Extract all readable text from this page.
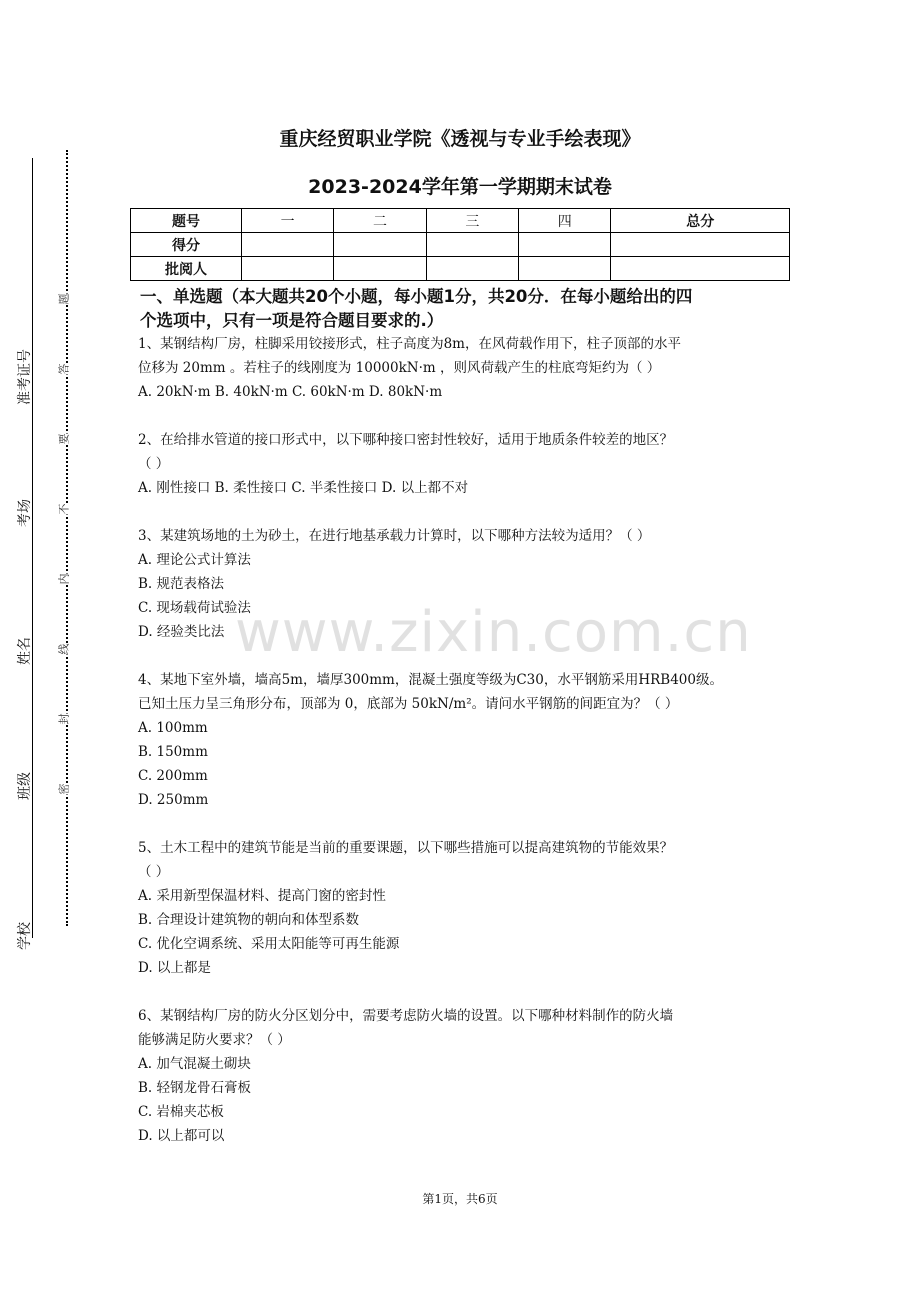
重庆经贸职业学院《透视与专业手绘表现》
2023-2024学年第一学期期末试卷
题号	一	二	三	四	总分
得分					
批阅人					
一、单选题（本大题共20个小题，每小题1分，共20分．在每小题给出的四
个选项中，只有一项是符合题目要求的.）
1、某钢结构厂房，柱脚采用铰接形式，柱子高度为8m，在风荷载作用下，柱子顶部的水平
位移为 20mm 。若柱子的线刚度为 10000kN·m ，则风荷载产生的柱底弯矩约为（ ）
A. 20kN·m B. 40kN·m C. 60kN·m D. 80kN·m
2、在给排水管道的接口形式中，以下哪种接口密封性较好，适用于地质条件较差的地区？
（ ）
A. 刚性接口 B. 柔性接口 C. 半柔性接口 D. 以上都不对
3、某建筑场地的土为砂土，在进行地基承载力计算时，以下哪种方法较为适用？（ ）
A. 理论公式计算法
B. 规范表格法
C. 现场载荷试验法
D. 经验类比法
4、某地下室外墙，墙高5m，墙厚300mm，混凝土强度等级为C30，水平钢筋采用HRB400级。
已知土压力呈三角形分布，顶部为 0，底部为 50kN/m²。请问水平钢筋的间距宜为？（ ）
A. 100mm
B. 150mm
C. 200mm
D. 250mm
5、土木工程中的建筑节能是当前的重要课题，以下哪些措施可以提高建筑物的节能效果？
（ ）
A. 采用新型保温材料、提高门窗的密封性
B. 合理设计建筑物的朝向和体型系数
C. 优化空调系统、采用太阳能等可再生能源
D. 以上都是
6、某钢结构厂房的防火分区划分中，需要考虑防火墙的设置。以下哪种材料制作的防火墙
能够满足防火要求？（ ）
A. 加气混凝土砌块
B. 轻钢龙骨石膏板
C. 岩棉夹芯板
D. 以上都可以
www.zixin.com.cn
第1页，共6页
准考证号
考场
姓名
班级
学校
题
答
要
不
内
线
封
密
